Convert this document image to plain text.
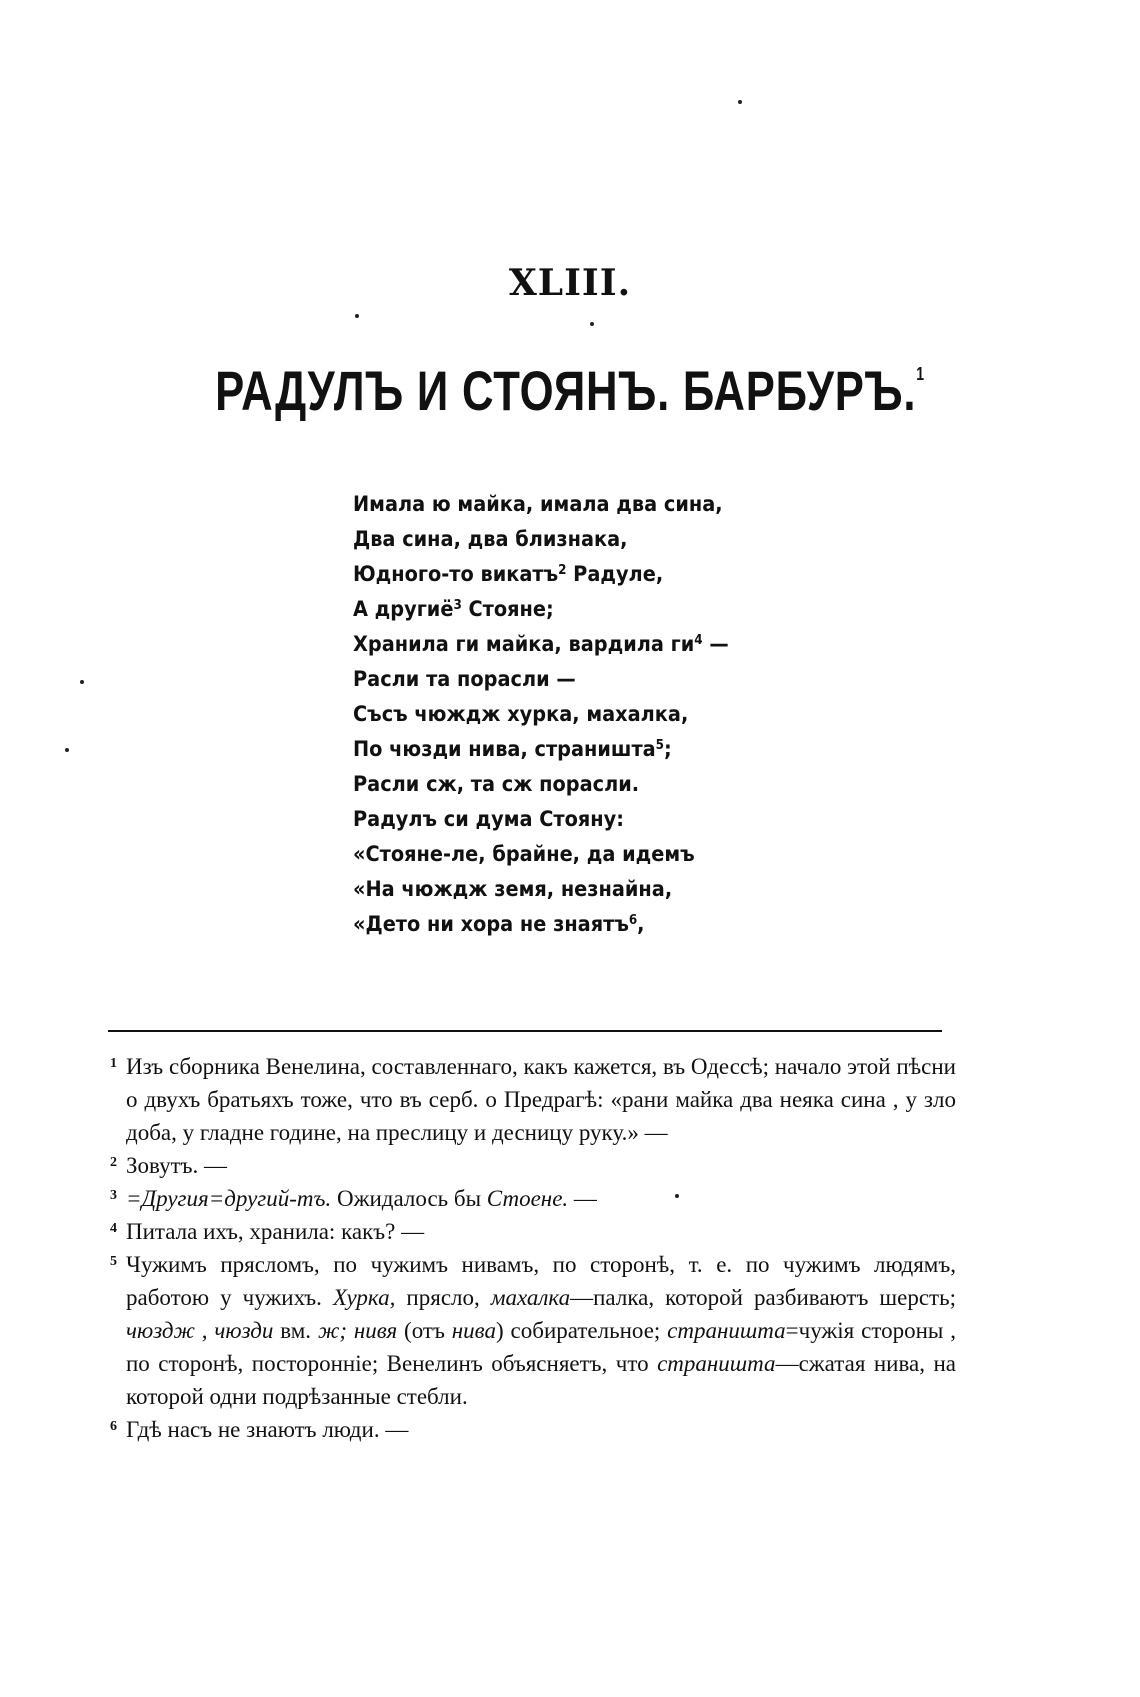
XLIII.
РАДУЛЪ И СТОЯНЪ. БАРБУРЪ.$^1$
Имала ю майка, имала два сина,
Два сина, два близнака,
Юдного-то викатъ$^2$ Радуле,
А другиё$^3$ Стояне;
Хранила ги майка, вардила $ги^4$ —
Расли та порасли —
Съсъ чюждж хурка, махалка,
По чюзди нива, страништа$^5$;
Расли сж, та сж порасли.
Радулъ си дума Стояну:
«Стояне-ле, брайне, да идемъ
«На чюждж земя, незнайна,
«Дето ни хора не знаятъ$^6$,

1 Изъ сборника Венелина, составленнаго, какъ кажется, въ Одессѣ; начало этой пѣсни о двухъ братьяхъ тоже, что въ серб. о Предрагѣ: «рани майка два неяка сина , у зло доба, у гладне године, на преслицу и десницу руку.» —

2 Зовутъ. —

3 =Другия=другий-тъ. Ожидалось бы Стоене. —

4 Питала ихъ, хранила: какъ? —

5 Чужимъ прясломъ, по чужимъ нивамъ, по сторонѣ, т. е. по чужимъ людямъ, работою у чужихъ. Хурка, прясло, махалка—палка, которой разбиваютъ шерсть; чюздж , чюзди вм. ж; нивя (отъ нива) собирательное; страништа=чужія стороны , по сторонѣ, посторонніе; Венелинъ объясняетъ, что страништа—сжатая нива, на которой одни подрѣзанные стебли.

6 Гдѣ насъ не знаютъ люди. —
